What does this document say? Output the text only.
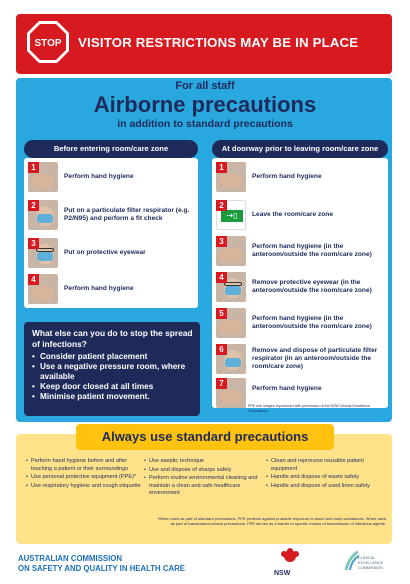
STOP VISITOR RESTRICTIONS MAY BE IN PLACE
For all staff
Airborne precautions
in addition to standard precautions
Before entering room/care zone	At doorway prior to leaving room/care zone
1
Perform hand hygiene
2
Put on a particulate filter respirator (e.g. P2/N95) and perform a fit check
3
Put on protective eyewear
4
Perform hand hygiene
1
Perform hand hygiene
⇢▯
2
Leave the room/care zone
3
Perform hand hygiene (in the anteroom/outside the room/care zone)
4
Remove protective eyewear (in the anteroom/outside the room/care zone)
5
Perform hand hygiene (in the anteroom/outside the room/care zone)
6	Remove and dispose of particulate filter respirator (in an anteroom/outside the room/care zone)
7
Perform hand hygiene
PPE use images reproduced with permission of the NSW Clinical Excellence Commission.
What else can you do to stop the spread of infections?
• Consider patient placement
• Use a negative pressure room, where available
• Keep door closed at all times
• Minimise patient movement.
Always use standard precautions
• Perform hand hygiene before and after touching a patient or their surroundings
• Use personal protective equipment (PPE)*
• Use respiratory hygiene and cough etiquette
• Use aseptic technique
• Use and dispose of sharps safely
• Perform routine environmental cleaning and maintain a clean and safe healthcare environment
• Clean and reprocess reusable patient equipment
• Handle and dispose of waste safely
• Handle and dispose of used linen safely
*When used as part of standard precautions, PPE protects against probable exposure to blood and body substances. When used as part of transmission-based precautions, PPE serves as a barrier to specific means of transmission of infectious agents.
AUSTRALIAN COMMISSION
ON SAFETY AND QUALITY IN HEALTH CARE
NSW
CLINICAL
EXCELLENCE
COMMISSION
